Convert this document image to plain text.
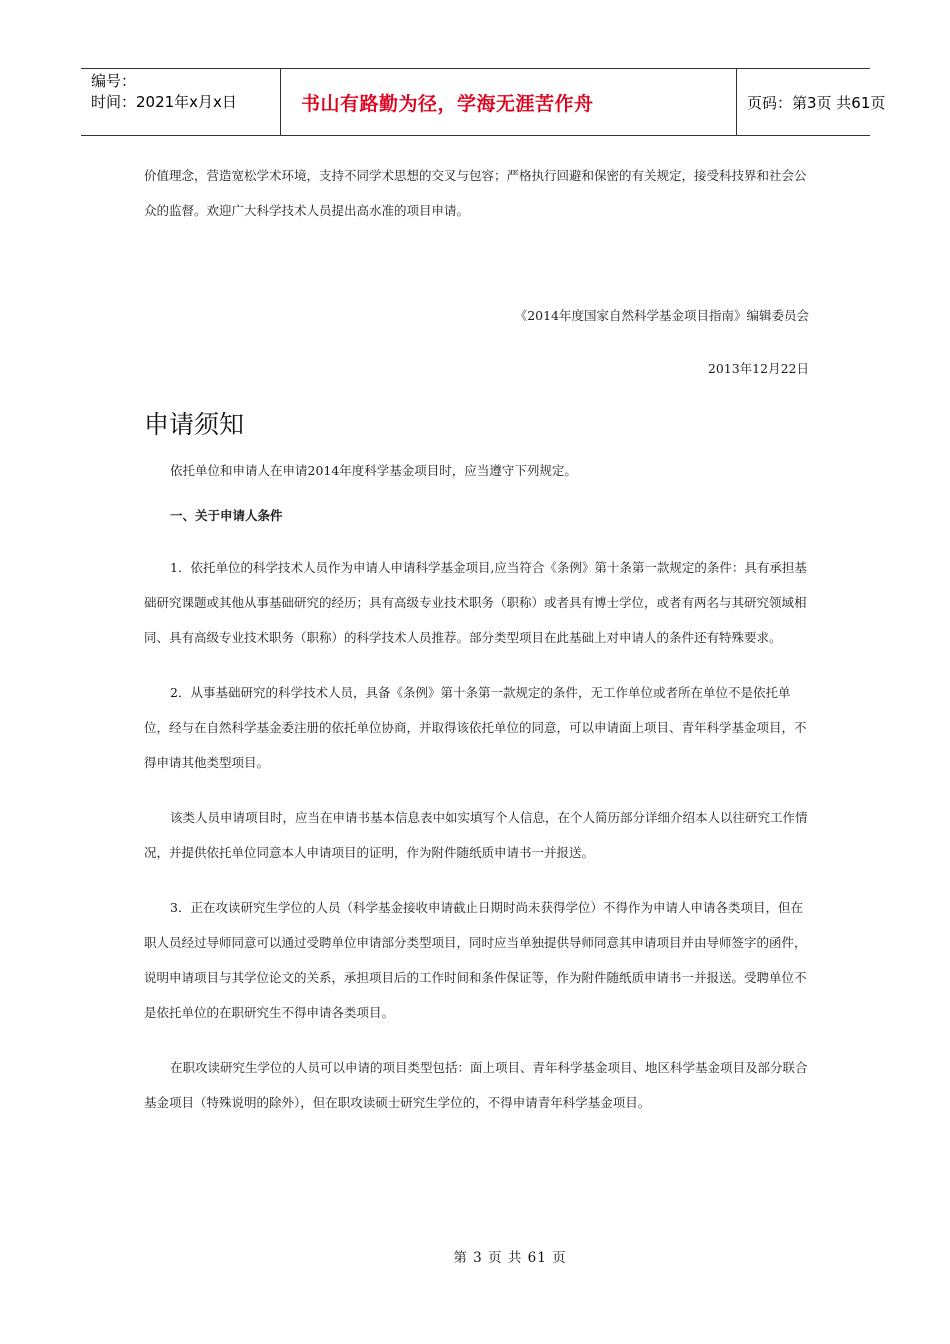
编号：
时间：2021年x月x日	书山有路勤为径，学海无涯苦作舟	页码：第3页 共61页

价值理念，营造宽松学术环境，支持不同学术思想的交叉与包容；严格执行回避和保密的有关规定，接受科技界和社会公众的监督。欢迎广大科学技术人员提出高水准的项目申请。

《2014年度国家自然科学基金项目指南》编辑委员会

2013年12月22日

申请须知

依托单位和申请人在申请2014年度科学基金项目时，应当遵守下列规定。

一、关于申请人条件

1．依托单位的科学技术人员作为申请人申请科学基金项目,应当符合《条例》第十条第一款规定的条件：具有承担基础研究课题或其他从事基础研究的经历；具有高级专业技术职务（职称）或者具有博士学位，或者有两名与其研究领域相同、具有高级专业技术职务（职称）的科学技术人员推荐。部分类型项目在此基础上对申请人的条件还有特殊要求。

2．从事基础研究的科学技术人员，具备《条例》第十条第一款规定的条件，无工作单位或者所在单位不是依托单位，经与在自然科学基金委注册的依托单位协商，并取得该依托单位的同意，可以申请面上项目、青年科学基金项目，不得申请其他类型项目。

该类人员申请项目时，应当在申请书基本信息表中如实填写个人信息，在个人简历部分详细介绍本人以往研究工作情况，并提供依托单位同意本人申请项目的证明，作为附件随纸质申请书一并报送。

3．正在攻读研究生学位的人员（科学基金接收申请截止日期时尚未获得学位）不得作为申请人申请各类项目，但在职人员经过导师同意可以通过受聘单位申请部分类型项目，同时应当单独提供导师同意其申请项目并由导师签字的函件，说明申请项目与其学位论文的关系，承担项目后的工作时间和条件保证等，作为附件随纸质申请书一并报送。受聘单位不是依托单位的在职研究生不得申请各类项目。

在职攻读研究生学位的人员可以申请的项目类型包括：面上项目、青年科学基金项目、地区科学基金项目及部分联合基金项目（特殊说明的除外），但在职攻读硕士研究生学位的，不得申请青年科学基金项目。

第 3 页 共 61 页
